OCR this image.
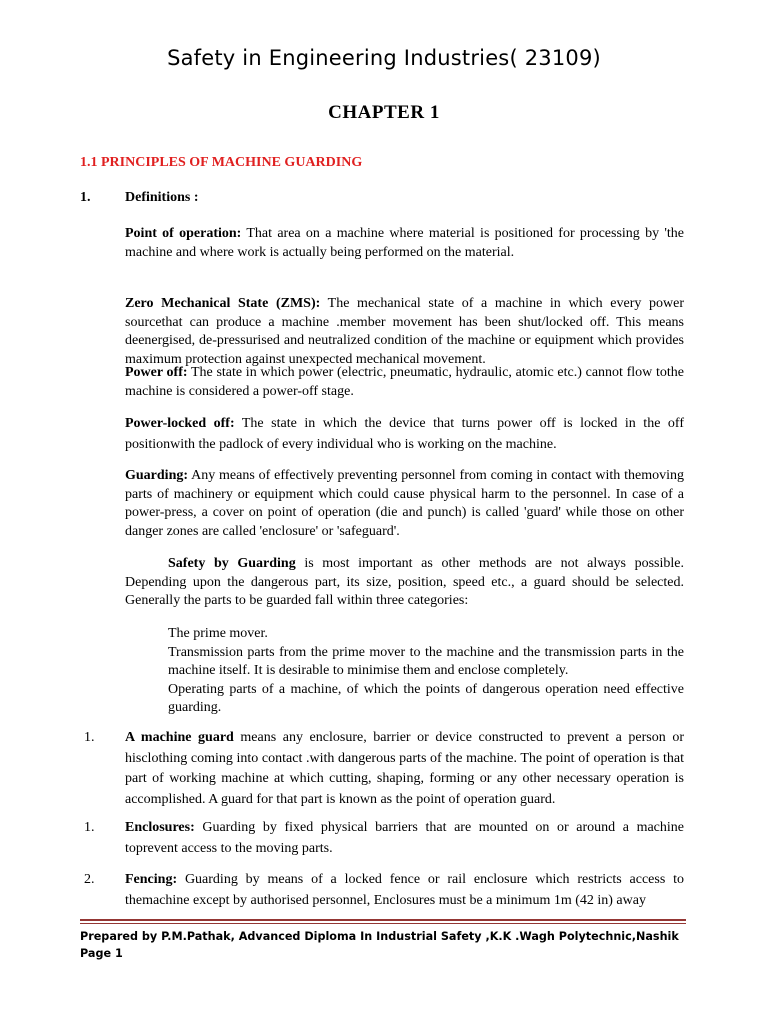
Safety in Engineering Industries( 23109)
CHAPTER 1
1.1 PRINCIPLES OF MACHINE GUARDING
1. Definitions :
Point of operation: That area on a machine where material is positioned for processing by 'the machine and where work is actually being performed on the material.
Zero Mechanical State (ZMS): The mechanical state of a machine in which every power sourcethat can produce a machine .member movement has been shut/locked off. This means deenergised, de-pressurised and neutralized condition of the machine or equipment which provides maximum protection against unexpected mechanical movement.
Power off: The state in which power (electric, pneumatic, hydraulic, atomic etc.) cannot flow tothe machine is considered a power-off stage.
Power-locked off: The state in which the device that turns power off is locked in the off positionwith the padlock of every individual who is working on the machine.
Guarding: Any means of effectively preventing personnel from coming in contact with themoving parts of machinery or equipment which could cause physical harm to the personnel. In case of a power-press, a cover on point of operation (die and punch) is called 'guard' while those on other danger zones are called 'enclosure' or 'safeguard'.
Safety by Guarding is most important as other methods are not always possible. Depending upon the dangerous part, its size, position, speed etc., a guard should be selected. Generally the parts to be guarded fall within three categories:
The prime mover.
Transmission parts from the prime mover to the machine and the transmission parts in the machine itself. It is desirable to minimise them and enclose completely.
Operating parts of a machine, of which the points of dangerous operation need effective guarding.
1. A machine guard means any enclosure, barrier or device constructed to prevent a person or hisclothing coming into contact .with dangerous parts of the machine. The point of operation is that part of working machine at which cutting, shaping, forming or any other necessary operation is accomplished. A guard for that part is known as the point of operation guard.
1. Enclosures: Guarding by fixed physical barriers that are mounted on or around a machine toprevent access to the moving parts.
2. Fencing: Guarding by means of a locked fence or rail enclosure which restricts access to themachine except by authorised personnel, Enclosures must be a minimum 1m (42 in) away
Prepared by P.M.Pathak, Advanced Diploma In Industrial Safety ,K.K .Wagh Polytechnic,Nashik
Page 1
